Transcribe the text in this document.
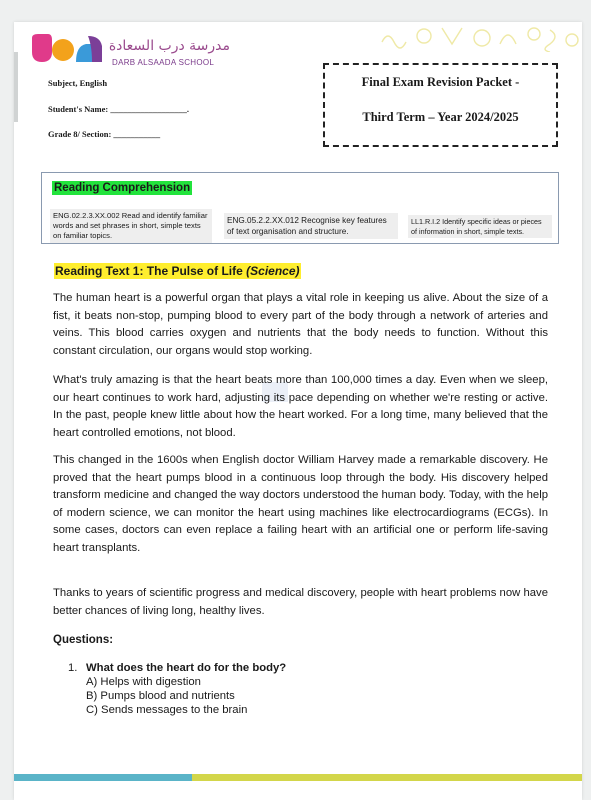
مدرسة درب السعادة
DARB ALSAADA SCHOOL
Subject, English
Student's Name: __________________.
Grade 8/ Section: ___________
Final Exam Revision Packet -
Third Term – Year 2024/2025
Reading Comprehension
ENG.02.2.3.XX.002 Read and identify familiar words and set phrases in short, simple texts on familiar topics.
ENG.05.2.2.XX.012 Recognise key features of text organisation and structure.
LL1.R.I.2 Identify specific ideas or pieces of information in short, simple texts.
Reading Text 1: The Pulse of Life (Science)

The human heart is a powerful organ that plays a vital role in keeping us alive. About the size of a fist, it beats non-stop, pumping blood to every part of the body through a network of arteries and veins. This blood carries oxygen and nutrients that the body needs to function. Without this constant circulation, our organs would stop working.

What's truly amazing is that the heart beats more than 100,000 times a day. Even when we sleep, our heart continues to work hard, adjusting its pace depending on whether we're resting or active. In the past, people knew little about how the heart worked. For a long time, many believed that the heart controlled emotions, not blood.

This changed in the 1600s when English doctor William Harvey made a remarkable discovery. He proved that the heart pumps blood in a continuous loop through the body. His discovery helped transform medicine and changed the way doctors understood the human body. Today, with the help of modern science, we can monitor the heart using machines like electrocardiograms (ECGs). In some cases, doctors can even replace a failing heart with an artificial one or perform life-saving heart transplants.

Thanks to years of scientific progress and medical discovery, people with heart problems now have better chances of living long, healthy lives.

Questions:
1. What does the heart do for the body?
A) Helps with digestion
B) Pumps blood and nutrients
C) Sends messages to the brain
